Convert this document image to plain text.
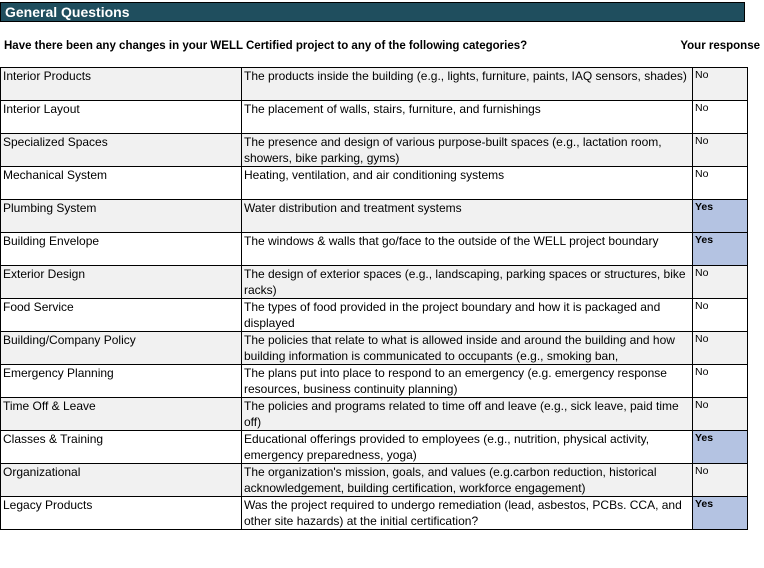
General Questions
Have there been any changes in your WELL Certified project to any of the following categories?	Your response
Interior Products	The products inside the building (e.g., lights, furniture, paints, IAQ sensors, shades)	No
Interior Layout	The placement of walls, stairs, furniture, and furnishings	No
Specialized Spaces	The presence and design of various purpose-built spaces (e.g., lactation room, showers, bike parking, gyms)	No
Mechanical System	Heating, ventilation, and air conditioning systems	No
Plumbing System	Water distribution and treatment systems	Yes
Building Envelope	The windows & walls that go/face to the outside of the WELL project boundary	Yes
Exterior Design	The design of exterior spaces (e.g., landscaping, parking spaces or structures, bike racks)	No
Food Service	The types of food provided in the project boundary and how it is packaged and displayed	No
Building/Company Policy	The policies that relate to what is allowed inside and around the building and how building information is communicated to occupants (e.g., smoking ban,	No
Emergency Planning	The plans put into place to respond to an emergency (e.g. emergency response resources, business continuity planning)	No
Time Off & Leave	The policies and programs related to time off and leave (e.g., sick leave, paid time off)	No
Classes & Training	Educational offerings provided to employees (e.g., nutrition, physical activity, emergency preparedness, yoga)	Yes
Organizational	The organization's mission, goals, and values (e.g.carbon reduction, historical acknowledgement, building certification, workforce engagement)	No
Legacy Products	Was the project required to undergo remediation (lead, asbestos, PCBs. CCA, and other site hazards) at the initial certification?	Yes
